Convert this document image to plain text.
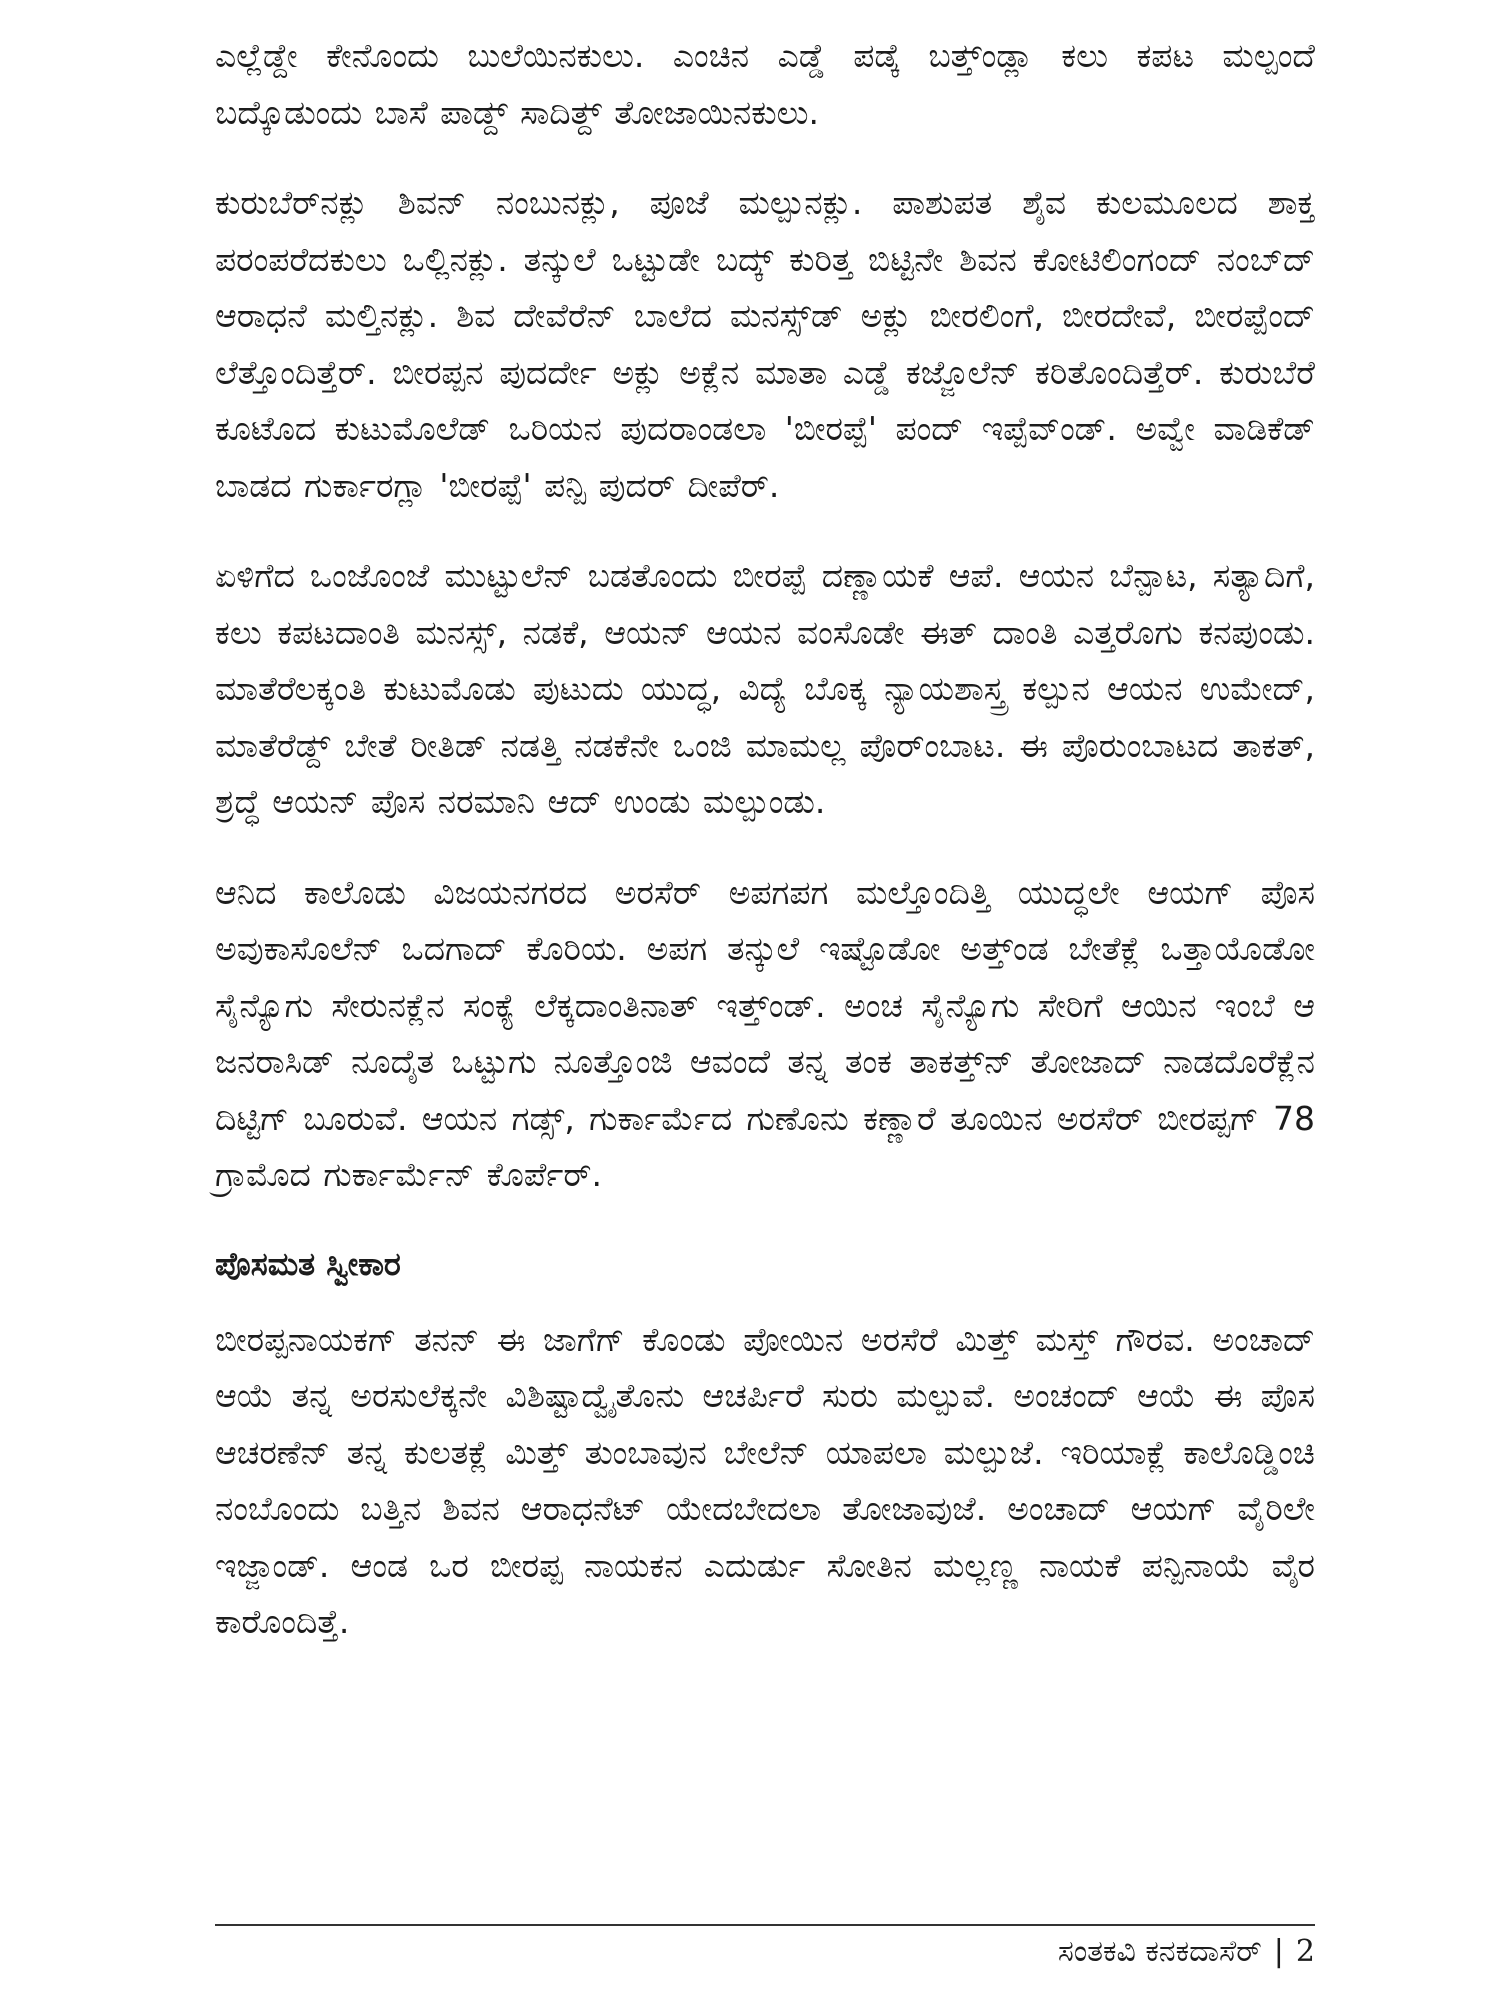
ಎಲ್ಲೆಡ್ದೇ ಕೇನೊಂದು ಬುಲೆಯಿನಕುಲು. ಎಂಚಿನ ಎಡ್ಡೆ ಪಡ್ಕೆ ಬತ್ತ್‌ಂಡ್ಲಾ ಕಲು ಕಪಟ ಮಲ್ಪಂದೆ ಬದ್ಕೊಡುಂದು ಬಾಸೆ ಪಾಡ್ದ್ ಸಾದಿತ್ದ್ ತೋಜಾಯಿನಕುಲು.

ಕುರುಬೆರ್‌ನಕ್ಲು ಶಿವನ್ ನಂಬುನಕ್ಲು, ಪೂಜೆ ಮಲ್ಪುನಕ್ಲು. ಪಾಶುಪತ ಶೈವ ಕುಲಮೂಲದ ಶಾಕ್ತ ಪರಂಪರೆದಕುಲು ಒಲ್ಲಿನಕ್ಲು. ತನ್ಕುಲೆ ಒಟ್ಟುಡೇ ಬದ್ಕ್ ಕುರಿತ್ತ ಬಿಟ್ಟಿನೇ ಶಿವನ ಕೋಟಿಲಿಂಗಂದ್ ನಂಬ್‌ದ್ ಆರಾಧನೆ ಮಲ್ತಿನಕ್ಲು. ಶಿವ ದೇವೆರೆನ್ ಬಾಲೆದ ಮನಸ್ಸ್‌ಡ್ ಅಕ್ಲು ಬೀರಲಿಂಗೆ, ಬೀರದೇವೆ, ಬೀರಪ್ಪೆಂದ್ ಲೆತ್ತೊಂದಿತ್ತೆರ್. ಬೀರಪ್ಪನ ಪುದರ್ದೇ ಅಕ್ಲು ಅಕ್ಲೆನ ಮಾತಾ ಎಡ್ಡೆ ಕಜ್ಜೊಲೆನ್ ಕರಿತೊಂದಿತ್ತೆರ್. ಕುರುಬೆರೆ ಕೂಟೊದ ಕುಟುಮೊಲೆಡ್ ಒರಿಯನ ಪುದರಾಂಡಲಾ 'ಬೀರಪ್ಪೆ' ಪಂದ್ ಇಪ್ಪೆವ್ಂಡ್. ಅವ್ವೇ ವಾಡಿಕೆಡ್ ಬಾಡದ ಗುರ್ಕಾರಗ್ಲಾ 'ಬೀರಪ್ಪೆ' ಪನ್ಪಿ ಪುದರ್ ದೀಪೆರ್.

ಏಳಿಗೆದ ಒಂಜೊಂಜೆ ಮುಟ್ಟುಲೆನ್ ಬಡತೊಂದು ಬೀರಪ್ಪೆ ದಣ್ಣಾಯಕೆ ಆಪೆ. ಆಯನ ಬೆನ್ಪಾಟ, ಸತ್ಯಾದಿಗೆ, ಕಲು ಕಪಟದಾಂತಿ ಮನಸ್ಸ್, ನಡಕೆ, ಆಯನ್ ಆಯನ ವಂಸೊಡೇ ಈತ್ ದಾಂತಿ ಎತ್ತರೊಗು ಕನಪುಂಡು. ಮಾತೆರೆಲಕ್ಕಂತಿ ಕುಟುಮೊಡು ಪುಟುದು ಯುದ್ಧ, ವಿದ್ಯೆ ಬೊಕ್ಕ ನ್ಯಾಯಶಾಸ್ತ್ರ ಕಲ್ಪುನ ಆಯನ ಉಮೇದ್, ಮಾತೆರೆಡ್ದ್ ಬೇತೆ ರೀತಿಡ್ ನಡತ್ತಿ ನಡಕೆನೇ ಒಂಜಿ ಮಾಮಲ್ಲ ಪೊರ್‌ಂಬಾಟ. ಈ ಪೊರುಂಬಾಟದ ತಾಕತ್, ಶ್ರದ್ಧೆ ಆಯನ್ ಪೊಸ ನರಮಾನಿ ಆದ್ ಉಂಡು ಮಲ್ಪುಂಡು.

ಆನಿದ ಕಾಲೊಡು ವಿಜಯನಗರದ ಅರಸೆರ್ ಅಪಗಪಗ ಮಲ್ತೊಂದಿತ್ತಿ ಯುದ್ಧಲೇ ಆಯಗ್ ಪೊಸ ಅವುಕಾಸೊಲೆನ್ ಒದಗಾದ್ ಕೊರಿಯ. ಅಪಗ ತನ್ಕುಲೆ ಇಷ್ಟೊಡೋ ಅತ್ತ್‌ಂಡ ಬೇತೆಕ್ಲೆ ಒತ್ತಾಯೊಡೋ ಸೈನ್ಯೊಗು ಸೇರುನಕ್ಲೆನ ಸಂಕ್ಯೆ ಲೆಕ್ಕದಾಂತಿನಾತ್ ಇತ್ತ್‌ಂಡ್. ಅಂಚ ಸೈನ್ಯೊಗು ಸೇರಿಗೆ ಆಯಿನ ಇಂಬೆ ಆ ಜನರಾಸಿಡ್ ನೂದೈತ ಒಟ್ಟುಗು ನೂತ್ತೊಂಜಿ ಆವಂದೆ ತನ್ನ ತಂಕ ತಾಕತ್ತ್‌ನ್ ತೋಜಾದ್ ನಾಡದೊರೆಕ್ಲೆನ ದಿಟ್ಟಿಗ್ ಬೂರುವೆ. ಆಯನ ಗಡ್ಸ್, ಗುರ್ಕಾರ್ಮೆದ ಗುಣೊನು ಕಣ್ಣಾರೆ ತೂಯಿನ ಅರಸೆರ್ ಬೀರಪ್ಪಗ್ 78 ಗ್ರಾಮೊದ ಗುರ್ಕಾರ್ಮೆನ್ ಕೊರ್ಪೆರ್.

ಪೊಸಮತ ಸ್ವೀಕಾರ

ಬೀರಪ್ಪನಾಯಕಗ್ ತನನ್ ಈ ಜಾಗೆಗ್ ಕೊಂಡು ಪೋಯಿನ ಅರಸೆರೆ ಮಿತ್ತ್ ಮಸ್ತ್ ಗೌರವ. ಅಂಚಾದ್ ಆಯೆ ತನ್ನ ಅರಸುಲೆಕ್ಕನೇ ವಿಶಿಷ್ಟಾದ್ವೈತೊನು ಆಚರ್ಪಿರೆ ಸುರು ಮಲ್ಪುವೆ. ಅಂಚಂದ್ ಆಯೆ ಈ ಪೊಸ ಆಚರಣೆನ್ ತನ್ನ ಕುಲತಕ್ಲೆ ಮಿತ್ತ್ ತುಂಬಾವುನ ಬೇಲೆನ್ ಯಾಪಲಾ ಮಲ್ಪುಜೆ. ಇರಿಯಾಕ್ಲೆ ಕಾಲೊಡ್ಡಿಂಚಿ ನಂಬೊಂದು ಬತ್ತಿನ ಶಿವನ ಆರಾಧನೆಟ್ ಯೇದಬೇದಲಾ ತೋಜಾವುಜೆ. ಅಂಚಾದ್ ಆಯಗ್ ವೈರಿಲೇ ಇಜ್ಜಾಂಡ್. ಆಂಡ ಒರ ಬೀರಪ್ಪ ನಾಯಕನ ಎದುರ್ಡು ಸೋತಿನ ಮಲ್ಲಣ್ಣ ನಾಯಕೆ ಪನ್ಪಿನಾಯೆ ವೈರ ಕಾರೊಂದಿತ್ತೆ.

ಸಂತಕವಿ ಕನಕದಾಸೆರ್ | 2
